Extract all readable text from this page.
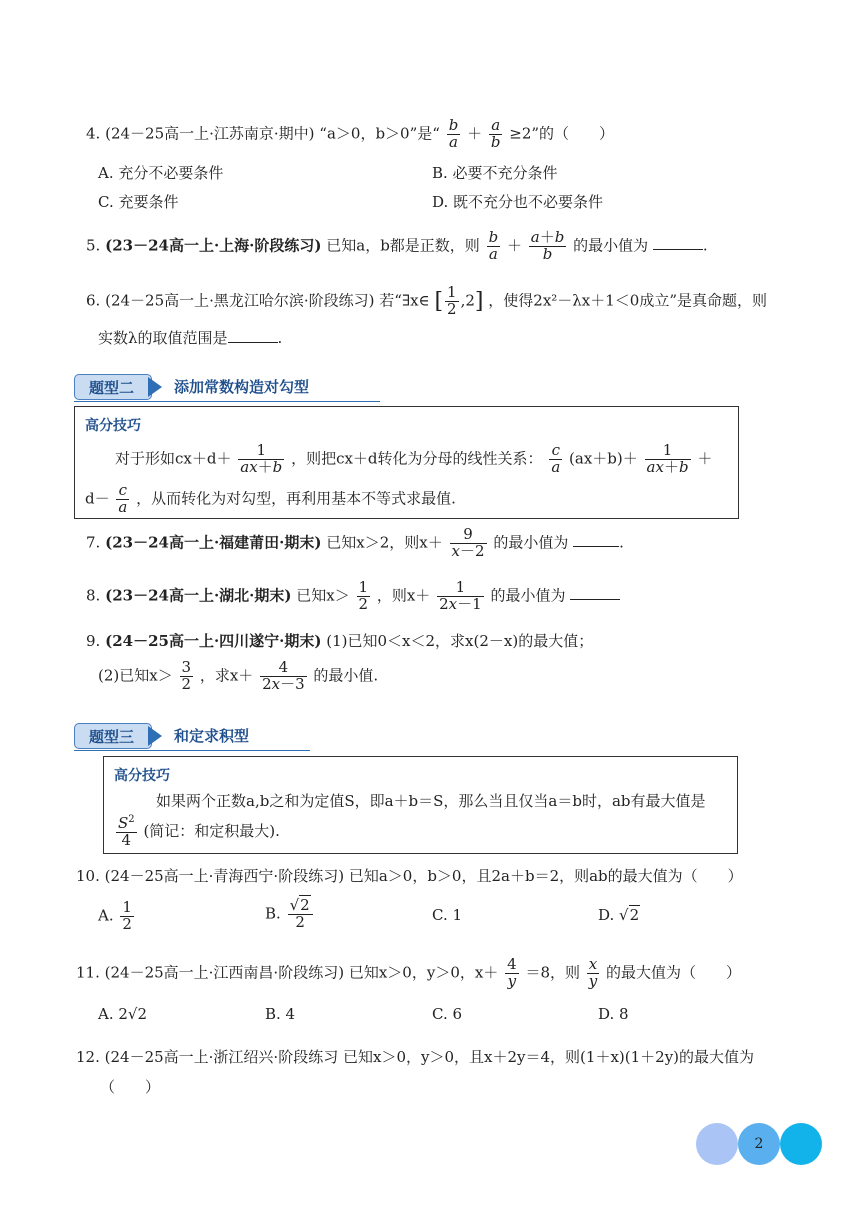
4. (24－25高一上·江苏南京·期中) “a＞0，b＞0”是“ $\frac{b}{a} + \frac{a}{b} \ge 2$”的（　　）
A. 充分不必要条件	B. 必要不充分条件
C. 充要条件	D. 既不充分也不必要条件
5. (23－24高一上·上海·阶段练习) 已知a，b都是正数，则 $\frac{b}{a} + \frac{a+b}{b}$ 的最小值为	.
6. (24－25高一上·黑龙江哈尔滨·阶段练习) 若“∃x∈ [ $\frac{1}{2} ,2$] ，使得2x²－λx＋1＜0成立”是真命题，则
实数λ的取值范围是	.
题型二	添加常数构造对勾型
高分技巧
对于形如$cx+d+ \frac{1}{ax+b}$ ，则把cx＋d转化为分母的线性关系： $\frac{c}{a} (ax+b)+ \frac{1}{ax+b}$ ＋
$d- \frac{c}{a}$ ，从而转化为对勾型，再利用基本不等式求最值.
7. (23－24高一上·福建莆田·期末) 已知x＞2，则$x+ \frac{9}{x-2}$ 的最小值为	.
8. (23－24高一上·湖北·期末) 已知$x> \frac{1}{2}$ ，则$x+ \frac{1}{2x-1}$ 的最小值为
9. (24－25高一上·四川遂宁·期末) (1)已知0＜x＜2，求x(2－x)的最大值；
(2)已知$x> \frac{3}{2}$ ，求$x+ \frac{4}{2x-3}$ 的最小值.
题型三	和定求积型
高分技巧
如果两个正数a,b之和为定值S，即a＋b＝S，那么当且仅当a＝b时，ab有最大值是
$\frac{S^2}{4}$ (简记：和定积最大).
10. (24－25高一上·青海西宁·阶段练习) 已知a＞0，b＞0，且2a＋b＝2，则ab的最大值为（　　）
A. $\frac{1}{2}$	B. $\frac{√2}{2}$	C. 1	D. √2
11. (24－25高一上·江西南昌·阶段练习) 已知x＞0，y＞0，$x+ \frac{4}{y} =8$，则 $\frac{x}{y}$ 的最大值为（　　）
A. 2√2	B. 4	C. 6	D. 8
12. (24－25高一上·浙江绍兴·阶段练习 已知x＞0，y＞0，且x＋2y＝4，则(1＋x)(1＋2y)的最大值为
（　　）
2
